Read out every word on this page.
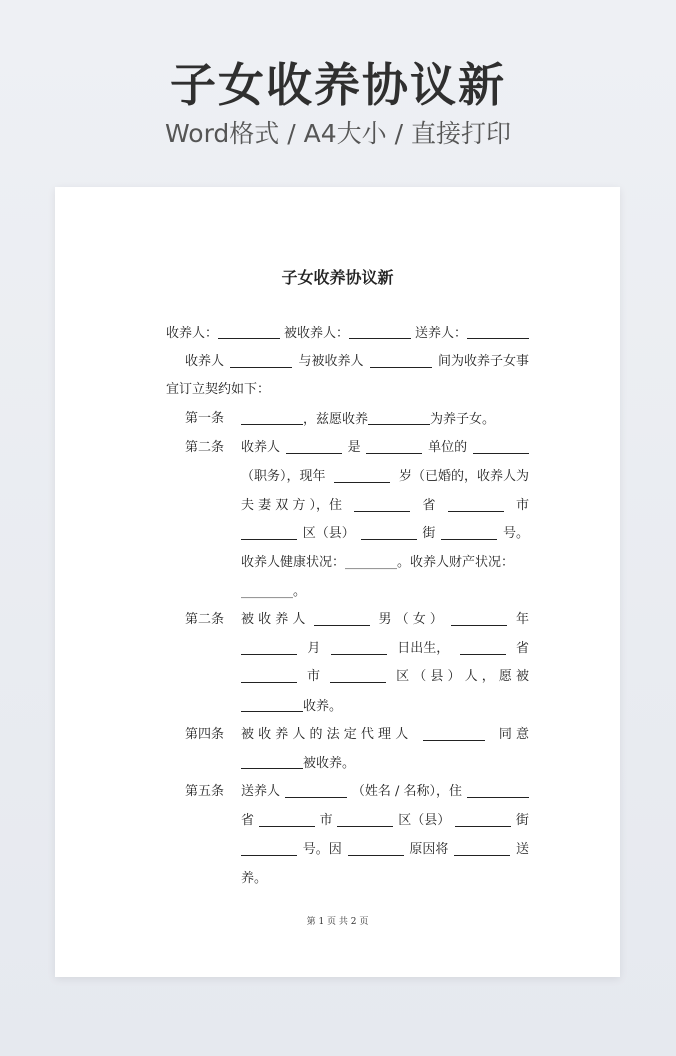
子女收养协议新
Word格式 / A4大小 / 直接打印
子女收养协议新
收养人：	被收养人：	送养人：
收养人	与被收养人	间为收养子女事
宜订立契约如下：
第一条	，兹愿收养	为养子女。
第二条 收养人	是	单位的
（职务），现年	岁（已婚的，收养人为
夫 妻 双 方 ），住	省	市
区（县）	街	号。
收养人健康状况：________。收养人财产状况：
________。
第二条 被 收 养 人	男 （ 女 ）	年
月	日出生，	省
市	区 （ 县 ） 人 ， 愿 被
收养。
第四条 被 收 养 人 的 法 定 代 理 人	同 意
被收养。
第五条 送养人	（姓名 / 名称），住
省	市	区（县）	街
号。因	原因将	送
养。
第 1 页 共 2 页
